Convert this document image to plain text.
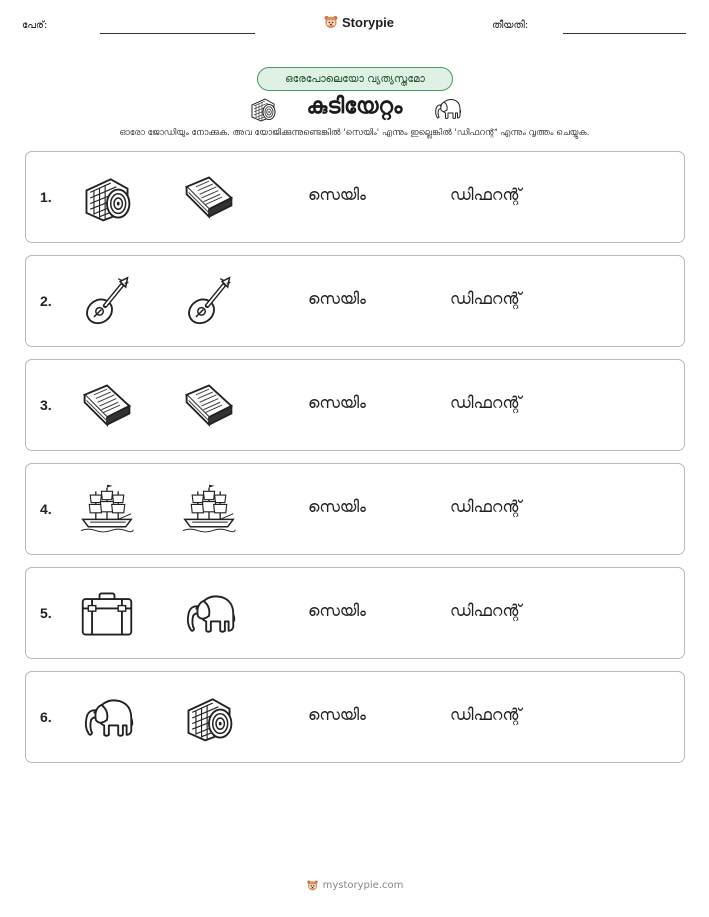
പേര്:	Storypie	തീയതി:
ഒരേപോലെയോ വ്യത്യസ്തമോ
കുടിയേറ്റം
ഓരോ ജോഡിയും നോക്കുക. അവ യോജിക്കുന്നുണ്ടെങ്കിൽ 'സെയിം' എന്നും ഇല്ലെങ്കിൽ 'ഡിഫറന്റ്' എന്നും വൃത്തം ചെയ്യുക.
1.	സെയിം	ഡിഫറന്റ്
2.	സെയിം	ഡിഫറന്റ്
3.	സെയിം	ഡിഫറന്റ്
4.	സെയിം	ഡിഫറന്റ്
5.	സെയിം	ഡിഫറന്റ്
6.	സെയിം	ഡിഫറന്റ്
mystorypie.com
